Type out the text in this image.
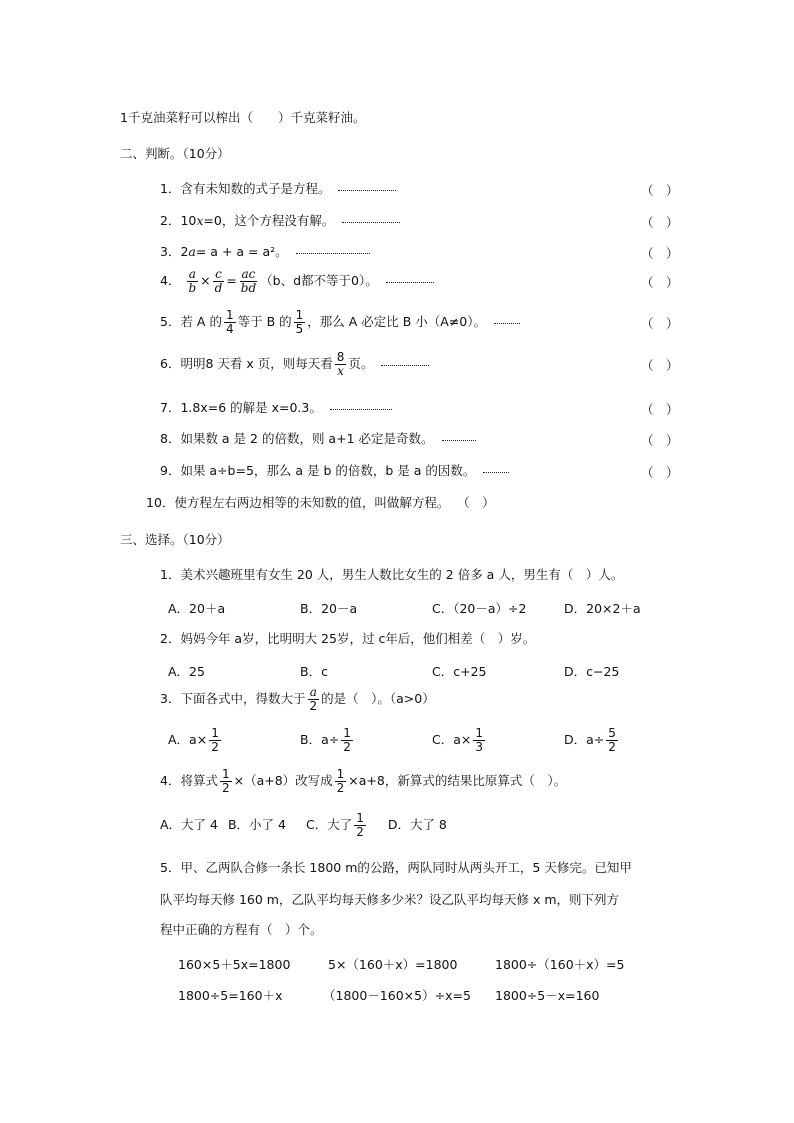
1千克油菜籽可以榨出（　　）千克菜籽油。
二、判断。（10分）
1．含有未知数的式子是方程。	（　）
2．10x=0，这个方程没有解。	（　）
3．2a= a + a = a²。	（　）
4． $\frac{a}{b} \times \frac{c}{d} = \frac{ac}{bd} (b$、d都不等于0）。	（　）
5．若 A 的 $\frac{1}{4}$ 等于 B 的 $\frac{1}{5}$ ，那么 A 必定比 B 小（A≠0）。	（　）
6．明明8 天看 x 页，则每天看 $\frac{8}{x}$ 页。	（　）
7．1.8x=6 的解是 x=0.3。	（　）
8．如果数 a 是 2 的倍数，则 a+1 必定是奇数。	（　）
9．如果 a÷b=5，那么 a 是 b 的倍数，b 是 a 的因数。	（　）
10．使方程左右两边相等的未知数的值，叫做解方程。 （　）
三、选择。（10分）
1．美术兴趣班里有女生 20 人，男生人数比女生的 2 倍多 a 人，男生有（　）人。
A．20＋a	B．20－a	C．（20－a）÷2	D．20×2＋a
2．妈妈今年 a岁，比明明大 25岁，过 c年后，他们相差（　）岁。
A．25	B．c	C．c+25	D．c−25
3．下面各式中，得数大于 $\frac{a}{2}$ 的是（　）。（a>0）
A．$a\times \frac{1}{2}$	B．$a\div \frac{1}{2}$	C．$a\times \frac{1}{3}$	D．$a\div \frac{5}{2}$
4．将算式 $\frac{1}{2} \times(a+8)$改写成 $\frac{1}{2} \times a+8$，新算式的结果比原算式（　）。
A．大了 4 B．小了 4 C．大了 $\frac{1}{2}$ D．大了 8
5．甲、乙两队合修一条长 1800 m的公路，两队同时从两头开工，5 天修完。已知甲
队平均每天修 160 m，乙队平均每天修多少米？设乙队平均每天修 x m，则下列方
程中正确的方程有（　）个。
160×5＋5x=1800	5×（160＋x）=1800	1800÷（160＋x）=5
1800÷5=160＋x	（1800－160×5）÷x=5 1800÷5－x=160
